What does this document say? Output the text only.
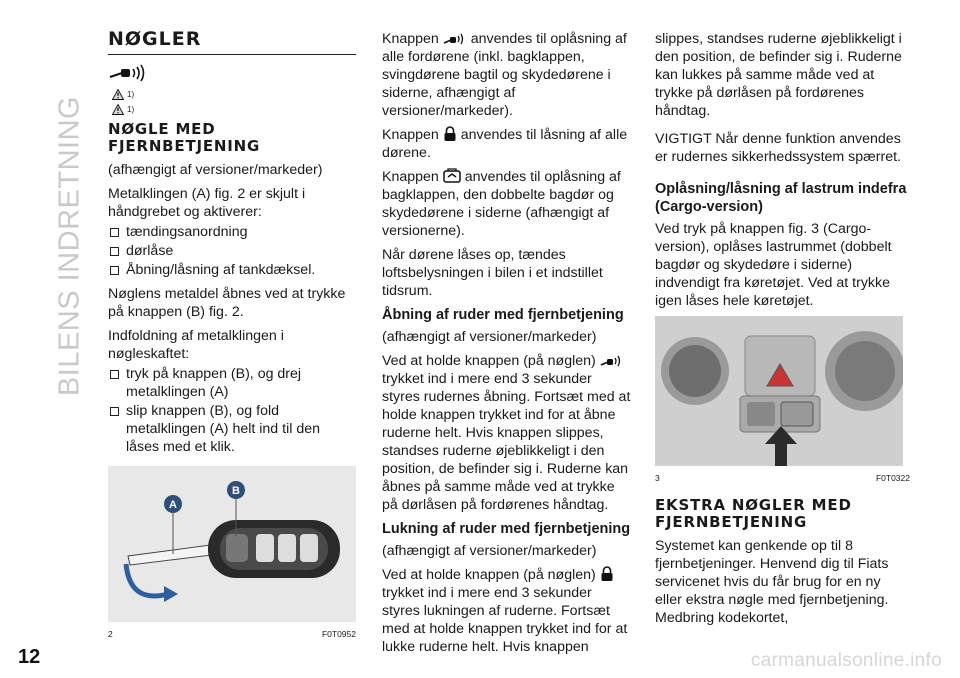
BILENS INDRETNING
12	carmanualsonline.info
NØGLER
1)
1)
NØGLE MED FJERNBETJENING

(afhængigt af versioner/markeder)

Metalklingen (A) fig. 2 er skjult i håndgrebet og aktiverer:

tændingsanordning
dørlåse
Åbning/låsning af tankdæksel.

Nøglens metaldel åbnes ved at trykke på knappen (B) fig. 2.

Indfoldning af metalklingen i nøgleskaftet:

tryk på knappen (B), og drej metalklingen (A)
slip knappen (B), og fold metalklingen (A) helt ind til den låses med et klik.
A
B
2	F0T0952

Knappen  anvendes til oplåsning af alle fordørene (inkl. bagklappen, svingdørene bagtil og skydedørene i siderne, afhængigt af versioner/markeder).

Knappen  anvendes til låsning af alle dørene.

Knappen  anvendes til oplåsning af bagklappen, den dobbelte bagdør og skydedørene i siderne (afhængigt af versionerne).

Når dørene låses op, tændes loftsbelysningen i bilen i et indstillet tidsrum.

Åbning af ruder med fjernbetjening

(afhængigt af versioner/markeder)

Ved at holde knappen (på nøglen)  trykket ind i mere end 3 sekunder styres rudernes åbning. Fortsæt med at holde knappen trykket ind for at åbne ruderne helt. Hvis knappen slippes, standses ruderne øjeblikkeligt i den position, de befinder sig i. Ruderne kan åbnes på samme måde ved at trykke på dørlåsen på fordørenes håndtag.

Lukning af ruder med fjernbetjening

(afhængigt af versioner/markeder)

Ved at holde knappen (på nøglen)  trykket ind i mere end 3 sekunder styres lukningen af ruderne. Fortsæt med at holde knappen trykket ind for at lukke ruderne helt. Hvis knappen

slippes, standses ruderne øjeblikkeligt i den position, de befinder sig i. Ruderne kan lukkes på samme måde ved at trykke på dørlåsen på fordørenes håndtag.

VIGTIGT Når denne funktion anvendes er rudernes sikkerhedssystem spærret.

Oplåsning/låsning af lastrum indefra (Cargo-version)

Ved tryk på knappen fig. 3 (Cargo-version), oplåses lastrummet (dobbelt bagdør og skydedøre i siderne) indvendigt fra køretøjet. Ved at trykke igen låses hele køretøjet.

3	F0T0322
EKSTRA NØGLER MED FJERNBETJENING

Systemet kan genkende op til 8 fjernbetjeninger. Henvend dig til Fiats servicenet hvis du får brug for en ny eller ekstra nøgle med fjernbetjening. Medbring kodekortet,
